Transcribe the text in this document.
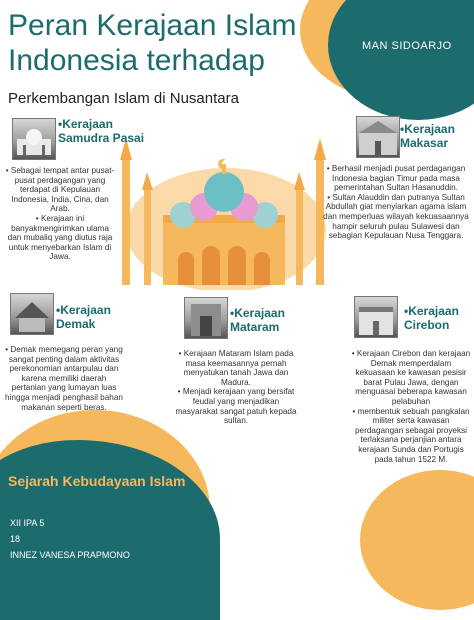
Peran Kerajaan Islam Indonesia terhadap
Perkembangan Islam di Nusantara
MAN SIDOARJO
•Kerajaan Samudra Pasai

• Sebagai tempat antar pusat-pusat perdagangan yang terdapat di Kepulauan Indonesia, India, Cina, dan Arab.

• Kerajaan ini banyakmengirimkan ulama dan mubaliq yang diutus raja untuk menyebarkan Islam di Jawa.

•Kerajaan Makasar

• Berhasil menjadi pusat perdagangan Indonesia bagian Timur pada masa pemerintahan Sultan Hasanuddin.

• Sultan Alauddin dan putranya Sultan Abdullah giat menyiarkan agama islam dan memperluas wilayah kekuasaannya hampir seluruh pulau Sulawesi dan sebagian Kepulauan Nusa Tenggara.

•Kerajaan Demak

• Demak memegang peran yang sangat penting dalam aktivitas perekonomian antarpulau dan karena memiliki daerah pertanian yang lumayan luas hingga menjadi penghasil bahan makanan seperti beras.

•Kerajaan Mataram

• Kerajaan Mataram Islam pada masa keemasannya pernah menyatukan tanah Jawa dan Madura.

• Menjadi kerajaan yang bersifat feudal yang menjadikan masyarakat sangat patuh kepada sultan.

•Kerajaan Cirebon

• Kerajaan Cirebon dan kerajaan Demak memperdalam kekuasaan ke kawasan pesisir barat Pulau Jawa, dengan menguasai beberapa kawasan pelabuhan

• membentuk sebuah pangkalan militer serta kawasan perdagangan sebagai proyeksi terlaksana perjanjian antara kerajaan Sunda dan Portugis pada tahun 1522 M.

Sejarah Kebudayaan Islam
XII IPA 5
18
INNEZ VANESA PRAPMONO
